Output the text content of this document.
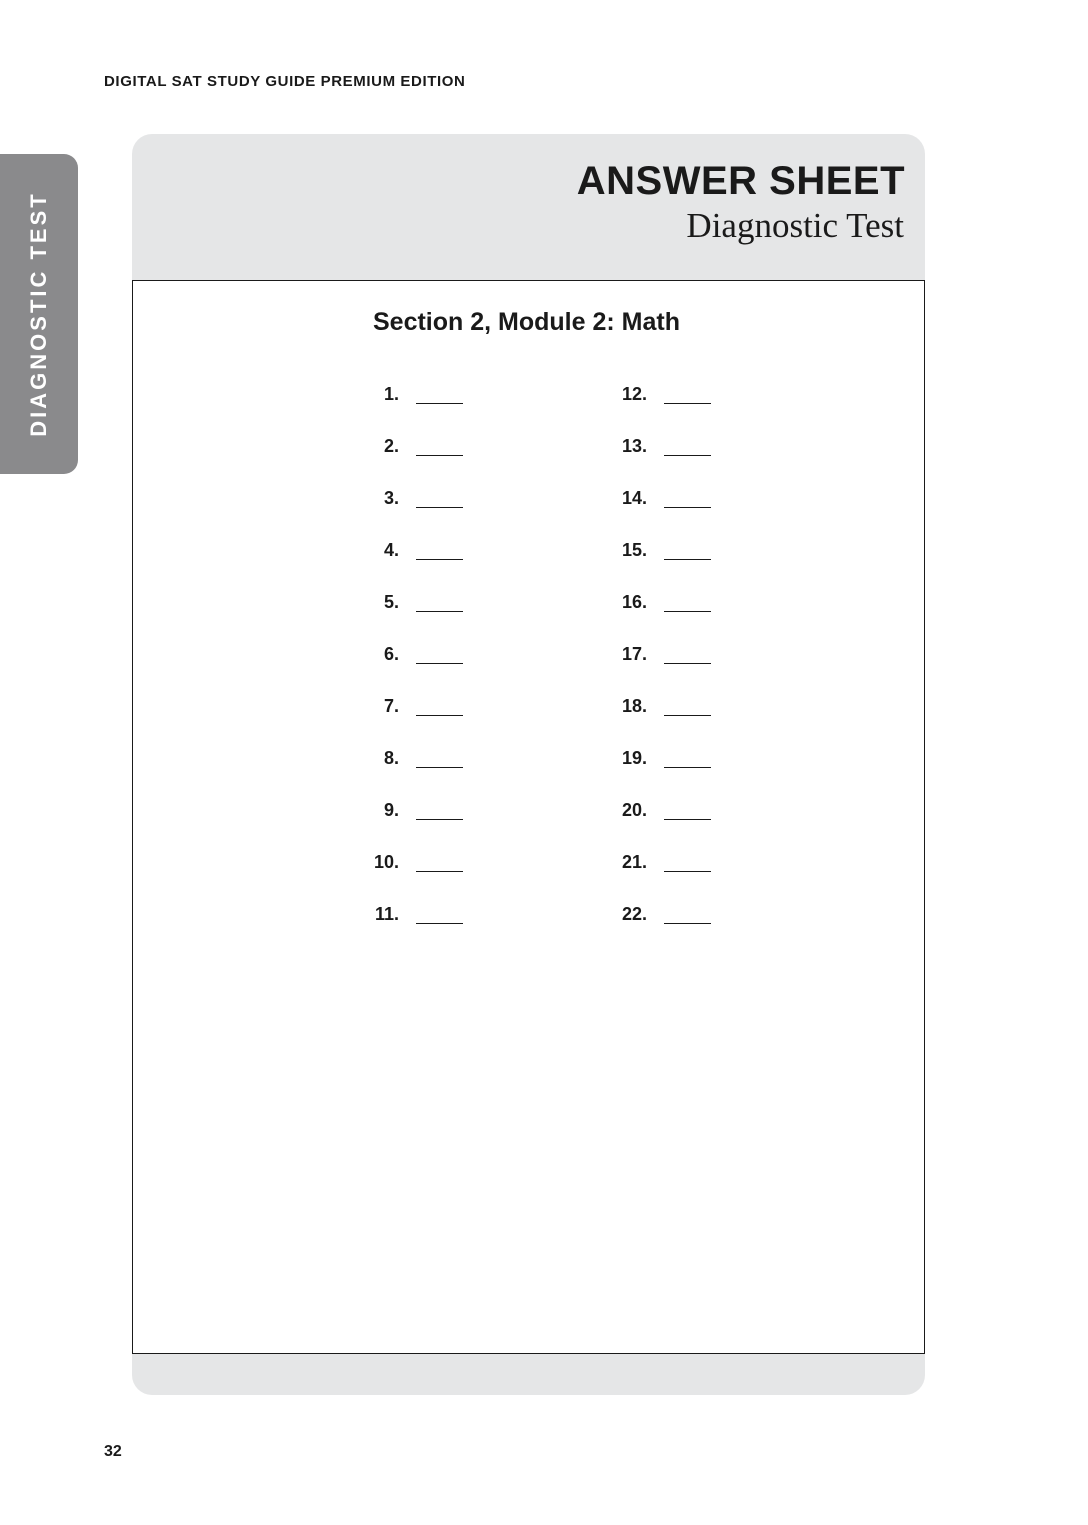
DIGITAL SAT STUDY GUIDE PREMIUM EDITION
DIAGNOSTIC TEST
ANSWER SHEET
Diagnostic Test
Section 2, Module 2: Math
1.
2.
3.
4.
5.
6.
7.
8.
9.
10.
11.
12.
13.
14.
15.
16.
17.
18.
19.
20.
21.
22.
32
